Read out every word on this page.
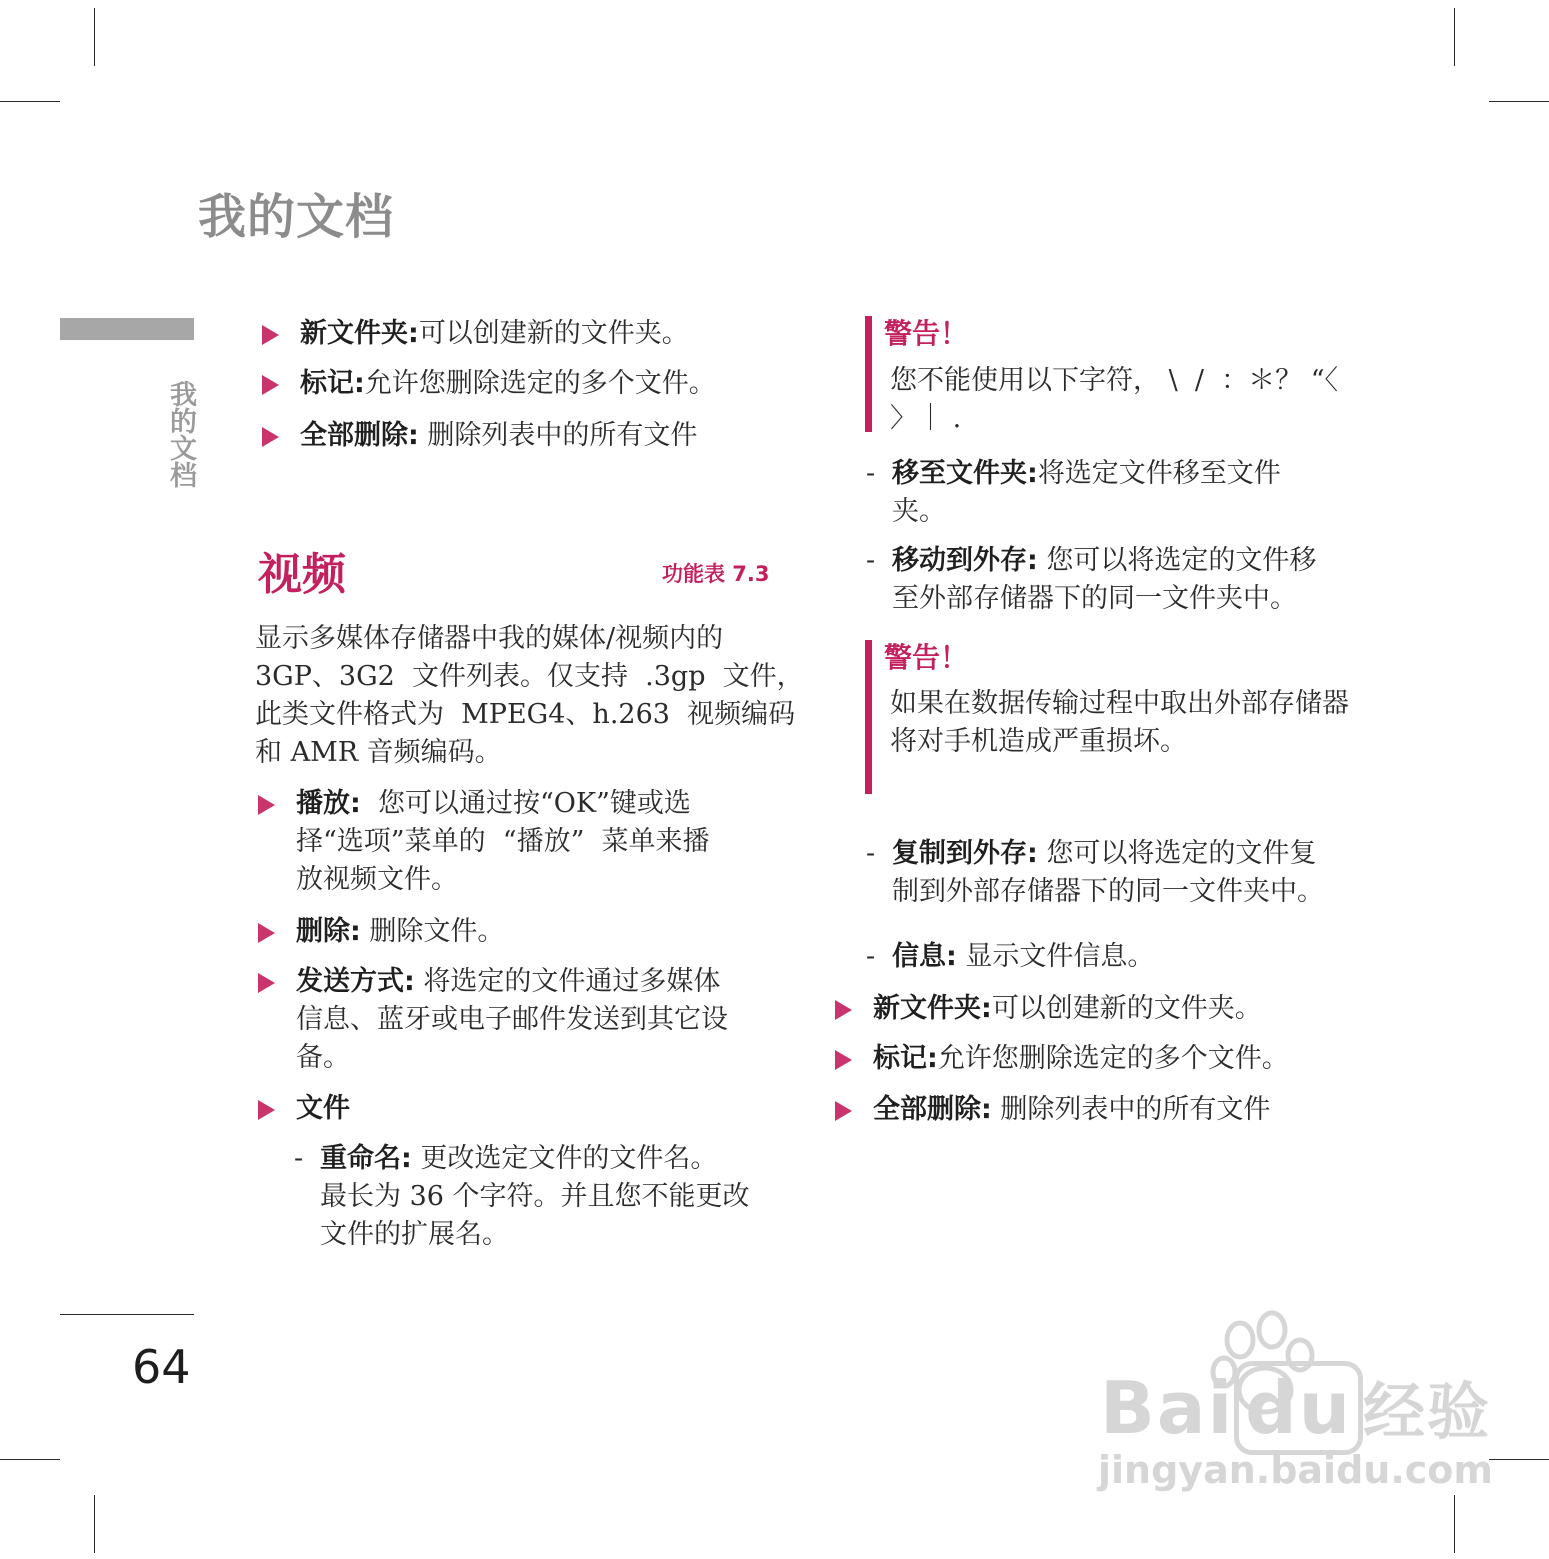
我的文档
我的文档
新文件夹:可以创建新的文件夹。
标记:允许您删除选定的多个文件。
全部删除: 删除列表中的所有文件
视频	功能表 7.3
显示多媒体存储器中我的媒体/视频内的
3GP、3G2  文件列表。仅支持  .3gp  文件，
此类文件格式为  MPEG4、h.263  视频编码
和 AMR 音频编码。
播放:  您可以通过按“OK”键或选
择“选项”菜单的  “播放”  菜单来播
放视频文件。
删除: 删除文件。
发送方式: 将选定的文件通过多媒体
信息、蓝牙或电子邮件发送到其它设
备。
文件
- 重命名: 更改选定文件的文件名。
最长为 36 个字符。并且您不能更改
文件的扩展名。
警告！
您不能使用以下字符， \  /  ：＊？ “〈
〉｜ .
- 移至文件夹:将选定文件移至文件
夹。
- 移动到外存: 您可以将选定的文件移
至外部存储器下的同一文件夹中。
警告！
如果在数据传输过程中取出外部存储器
将对手机造成严重损坏。
- 复制到外存: 您可以将选定的文件复
制到外部存储器下的同一文件夹中。
- 信息: 显示文件信息。
新文件夹:可以创建新的文件夹。
标记:允许您删除选定的多个文件。
全部删除: 删除列表中的所有文件
64	Bai du 经验
jingyan.baidu.com
